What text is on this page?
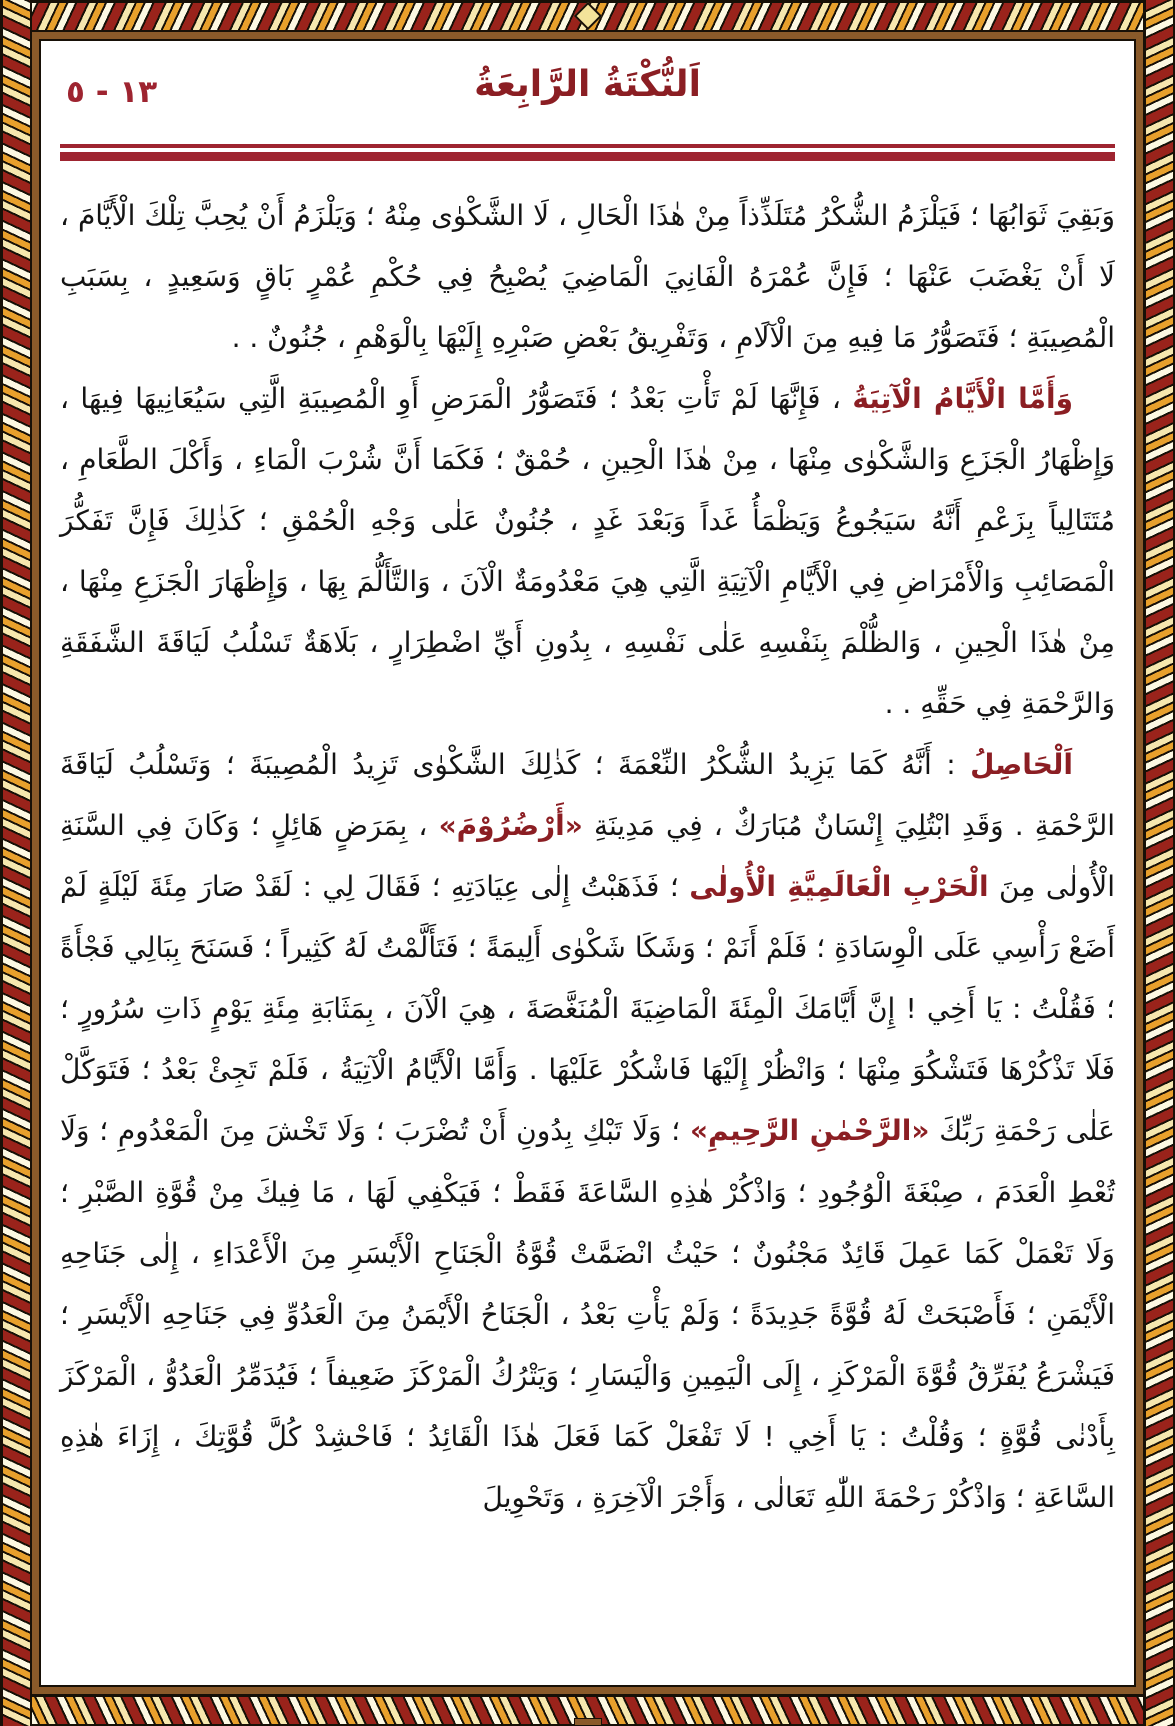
١٣ - ٥	اَلنُّكْتَةُ الرَّابِعَةُ

وَبَقِيَ ثَوَابُهَا ؛ فَيَلْزَمُ الشُّكْرُ مُتَلَذِّذاً مِنْ هٰذَا الْحَالِ ، لَا الشَّكْوٰى مِنْهُ ؛ وَيَلْزَمُ أَنْ يُحِبَّ تِلْكَ الْأَيَّامَ ، لَا أَنْ يَغْضَبَ عَنْهَا ؛ فَإِنَّ عُمْرَهُ الْفَانِيَ الْمَاضِيَ يُصْبِحُ فِي حُكْمِ عُمْرٍ بَاقٍ وَسَعِيدٍ ، بِسَبَبِ الْمُصِيبَةِ ؛ فَتَصَوُّرُ مَا فِيهِ مِنَ الْآلَامِ ، وَتَفْرِيقُ بَعْضِ صَبْرِهِ إِلَيْهَا بِالْوَهْمِ ، جُنُونٌ . .

وَأَمَّا الْأَيَّامُ الْآتِيَةُ ، فَإِنَّهَا لَمْ تَأْتِ بَعْدُ ؛ فَتَصَوُّرُ الْمَرَضِ أَوِ الْمُصِيبَةِ الَّتِي سَيُعَانِيهَا فِيهَا ، وَإِظْهَارُ الْجَزَعِ وَالشَّكْوٰى مِنْهَا ، مِنْ هٰذَا الْحِينِ ، حُمْقٌ ؛ فَكَمَا أَنَّ شُرْبَ الْمَاءِ ، وَأَكْلَ الطَّعَامِ ، مُتَتَالِياً بِزَعْمِ أَنَّهُ سَيَجُوعُ وَيَظْمَأُ غَداً وَبَعْدَ غَدٍ ، جُنُونٌ عَلٰى وَجْهِ الْحُمْقِ ؛ كَذٰلِكَ فَإِنَّ تَفَكُّرَ الْمَصَائِبِ وَالْأَمْرَاضِ فِي الْأَيَّامِ الْآتِيَةِ الَّتِي هِيَ مَعْدُومَةٌ الْآنَ ، وَالتَّأَلُّمَ بِهَا ، وَإِظْهَارَ الْجَزَعِ مِنْهَا ، مِنْ هٰذَا الْحِينِ ، وَالظُّلْمَ بِنَفْسِهِ عَلٰى نَفْسِهِ ، بِدُونِ أَيِّ اضْطِرَارٍ ، بَلَاهَةٌ تَسْلُبُ لَيَاقَةَ الشَّفَقَةِ وَالرَّحْمَةِ فِي حَقِّهِ . .

اَلْحَاصِلُ : أَنَّهُ كَمَا يَزِيدُ الشُّكْرُ النِّعْمَةَ ؛ كَذٰلِكَ الشَّكْوٰى تَزِيدُ الْمُصِيبَةَ ؛ وَتَسْلُبُ لَيَاقَةَ الرَّحْمَةِ . وَقَدِ ابْتُلِيَ إِنْسَانٌ مُبَارَكٌ ، فِي مَدِينَةِ «أَرْضُرُوْمَ» ، بِمَرَضٍ هَائِلٍ ؛ وَكَانَ فِي السَّنَةِ الْأُولٰى مِنَ الْحَرْبِ الْعَالَمِيَّةِ الْأُولٰى ؛ فَذَهَبْتُ إِلٰى عِيَادَتِهِ ؛ فَقَالَ لِي : لَقَدْ صَارَ مِئَةَ لَيْلَةٍ لَمْ أَضَعْ رَأْسِي عَلَى الْوِسَادَةِ ؛ فَلَمْ أَنَمْ ؛ وَشَكَا شَكْوٰى أَلِيمَةً ؛ فَتَأَلَّمْتُ لَهُ كَثِيراً ؛ فَسَنَحَ بِبَالِي فَجْأَةً ؛ فَقُلْتُ : يَا أَخِي ! إِنَّ أَيَّامَكَ الْمِئَةَ الْمَاضِيَةَ الْمُنَغَّصَةَ ، هِيَ الْآنَ ، بِمَثَابَةِ مِئَةِ يَوْمٍ ذَاتِ سُرُورٍ ؛ فَلَا تَذْكُرْهَا فَتَشْكُوَ مِنْهَا ؛ وَانْظُرْ إِلَيْهَا فَاشْكُرْ عَلَيْهَا . وَأَمَّا الْأَيَّامُ الْآتِيَةُ ، فَلَمْ تَجِئْ بَعْدُ ؛ فَتَوَكَّلْ عَلٰى رَحْمَةِ رَبِّكَ «الرَّحْمٰنِ الرَّحِيمِ» ؛ وَلَا تَبْكِ بِدُونِ أَنْ تُضْرَبَ ؛ وَلَا تَخْشَ مِنَ الْمَعْدُومِ ؛ وَلَا تُعْطِ الْعَدَمَ ، صِبْغَةَ الْوُجُودِ ؛ وَاذْكُرْ هٰذِهِ السَّاعَةَ فَقَطْ ؛ فَيَكْفِي لَهَا ، مَا فِيكَ مِنْ قُوَّةِ الصَّبْرِ ؛ وَلَا تَعْمَلْ كَمَا عَمِلَ قَائِدٌ مَجْنُونٌ ؛ حَيْثُ انْضَمَّتْ قُوَّةُ الْجَنَاحِ الْأَيْسَرِ مِنَ الْأَعْدَاءِ ، إِلٰى جَنَاحِهِ الْأَيْمَنِ ؛ فَأَصْبَحَتْ لَهُ قُوَّةً جَدِيدَةً ؛ وَلَمْ يَأْتِ بَعْدُ ، الْجَنَاحُ الْأَيْمَنُ مِنَ الْعَدُوِّ فِي جَنَاحِهِ الْأَيْسَرِ ؛ فَيَشْرَعُ يُفَرِّقُ قُوَّةَ الْمَرْكَزِ ، إِلَى الْيَمِينِ وَالْيَسَارِ ؛ وَيَتْرُكُ الْمَرْكَزَ ضَعِيفاً ؛ فَيُدَمِّرُ الْعَدُوُّ ، الْمَرْكَزَ بِأَدْنٰى قُوَّةٍ ؛ وَقُلْتُ : يَا أَخِي ! لَا تَفْعَلْ كَمَا فَعَلَ هٰذَا الْقَائِدُ ؛ فَاحْشِدْ كُلَّ قُوَّتِكَ ، إِزَاءَ هٰذِهِ السَّاعَةِ ؛ وَاذْكُرْ رَحْمَةَ اللّٰهِ تَعَالٰى ، وَأَجْرَ الْآخِرَةِ ، وَتَحْوِيلَ
